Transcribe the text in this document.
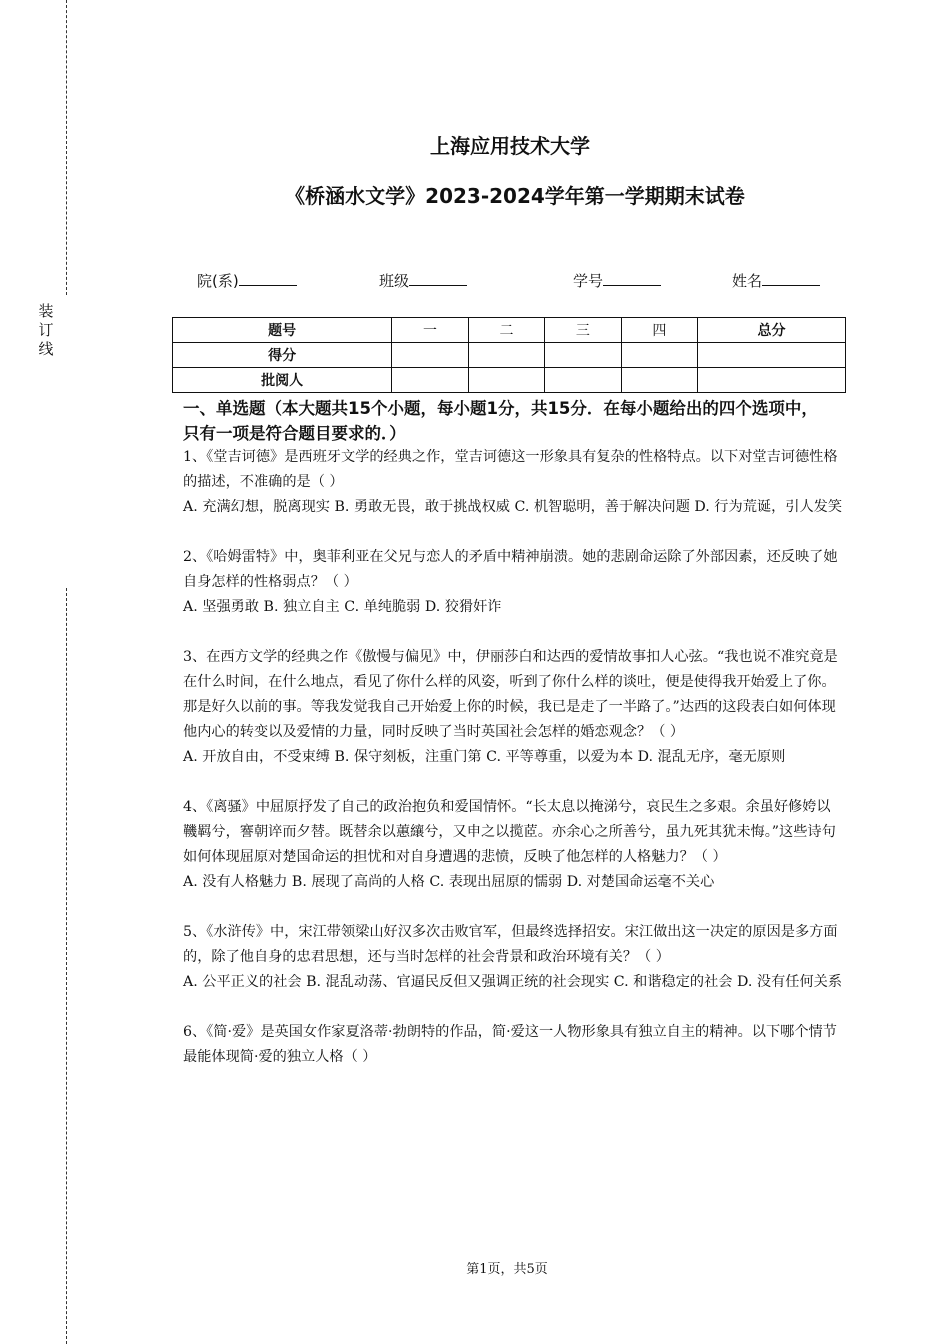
装
订
线
上海应用技术大学
《桥涵水文学》2023-2024学年第一学期期末试卷
院(系)	班级	学号	姓名
题号	一	二	三	四	总分
得分					
批阅人					
一、单选题（本大题共15个小题，每小题1分，共15分．在每小题给出的四个选项中，只有一项是符合题目要求的．）

1、《堂吉诃德》是西班牙文学的经典之作，堂吉诃德这一形象具有复杂的性格特点。以下对堂吉诃德性格的描述，不准确的是（ ）

A. 充满幻想，脱离现实 B. 勇敢无畏，敢于挑战权威 C. 机智聪明，善于解决问题 D. 行为荒诞，引人发笑

2、《哈姆雷特》中，奥菲利亚在父兄与恋人的矛盾中精神崩溃。她的悲剧命运除了外部因素，还反映了她自身怎样的性格弱点？（ ）

A. 坚强勇敢 B. 独立自主 C. 单纯脆弱 D. 狡猾奸诈

3、在西方文学的经典之作《傲慢与偏见》中，伊丽莎白和达西的爱情故事扣人心弦。“我也说不准究竟是在什么时间，在什么地点，看见了你什么样的风姿，听到了你什么样的谈吐，便是使得我开始爱上了你。那是好久以前的事。等我发觉我自己开始爱上你的时候，我已是走了一半路了。”达西的这段表白如何体现他内心的转变以及爱情的力量，同时反映了当时英国社会怎样的婚恋观念？（ ）

A. 开放自由，不受束缚 B. 保守刻板，注重门第 C. 平等尊重，以爱为本 D. 混乱无序，毫无原则

4、《离骚》中屈原抒发了自己的政治抱负和爱国情怀。“长太息以掩涕兮，哀民生之多艰。余虽好修姱以鞿羁兮，謇朝谇而夕替。既替余以蕙纕兮，又申之以揽茝。亦余心之所善兮，虽九死其犹未悔。”这些诗句如何体现屈原对楚国命运的担忧和对自身遭遇的悲愤，反映了他怎样的人格魅力？（ ）

A. 没有人格魅力 B. 展现了高尚的人格 C. 表现出屈原的懦弱 D. 对楚国命运毫不关心

5、《水浒传》中，宋江带领梁山好汉多次击败官军，但最终选择招安。宋江做出这一决定的原因是多方面的，除了他自身的忠君思想，还与当时怎样的社会背景和政治环境有关？（ ）

A. 公平正义的社会 B. 混乱动荡、官逼民反但又强调正统的社会现实 C. 和谐稳定的社会 D. 没有任何关系

6、《简·爱》是英国女作家夏洛蒂·勃朗特的作品，简·爱这一人物形象具有独立自主的精神。以下哪个情节最能体现简·爱的独立人格（ ）

第1页，共5页
